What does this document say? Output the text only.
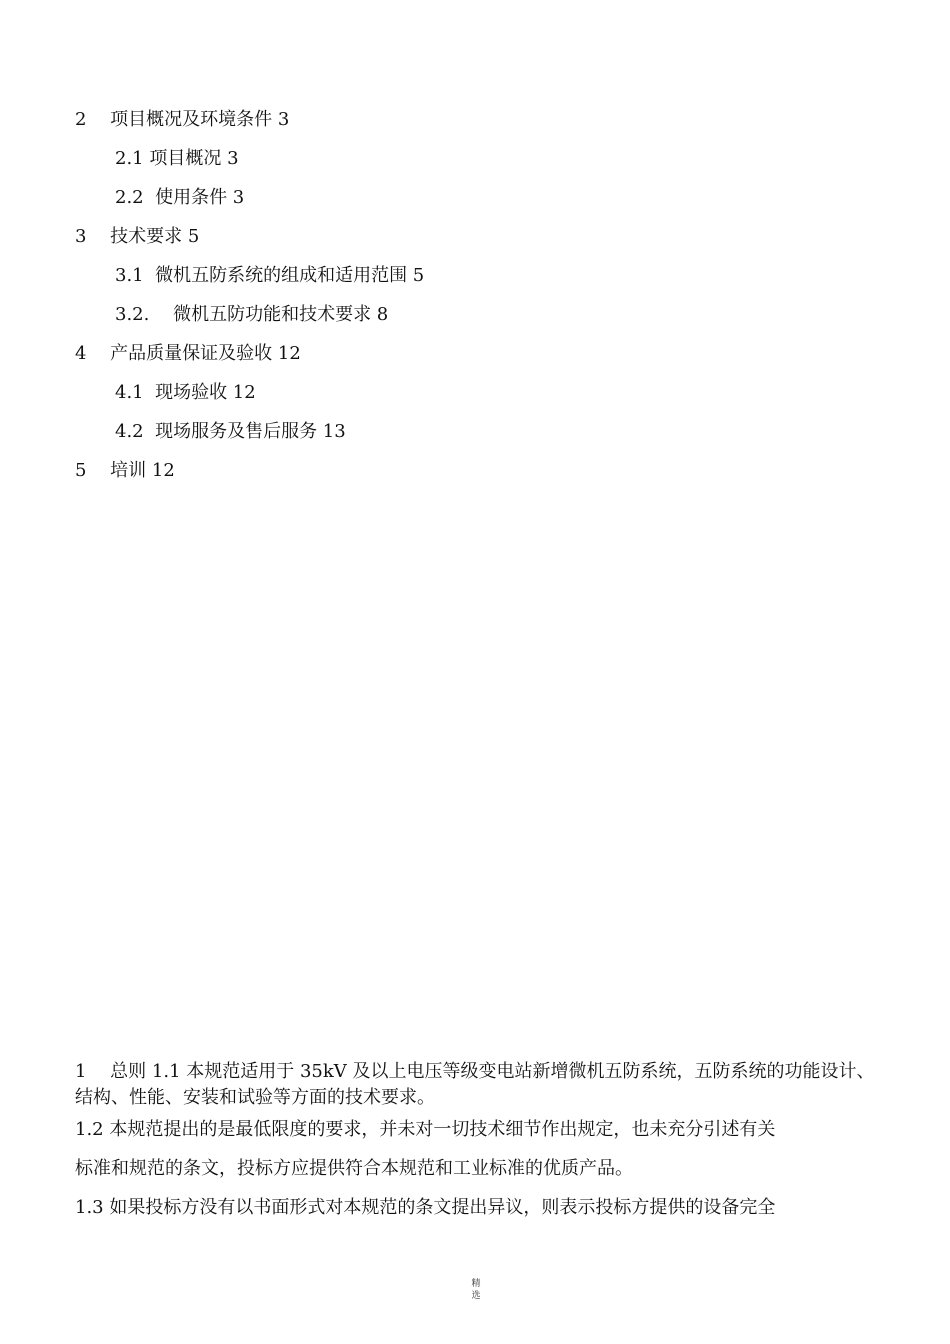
2　 项目概况及环境条件 3
2.1 项目概况 3
2.2  使用条件 3
3　 技术要求 5
3.1  微机五防系统的组成和适用范围 5
3.2.　 微机五防功能和技术要求 8
4　 产品质量保证及验收 12
4.1  现场验收 12
4.2  现场服务及售后服务 13
5　 培训 12
1　 总则 1.1 本规范适用于 35kV 及以上电压等级变电站新增微机五防系统，五防系统的功能设计、结构、性能、安装和试验等方面的技术要求。
1.2 本规范提出的是最低限度的要求，并未对一切技术细节作出规定，也未充分引述有关
标准和规范的条文，投标方应提供符合本规范和工业标准的优质产品。
1.3 如果投标方没有以书面形式对本规范的条文提出异议，则表示投标方提供的设备完全
精
选
